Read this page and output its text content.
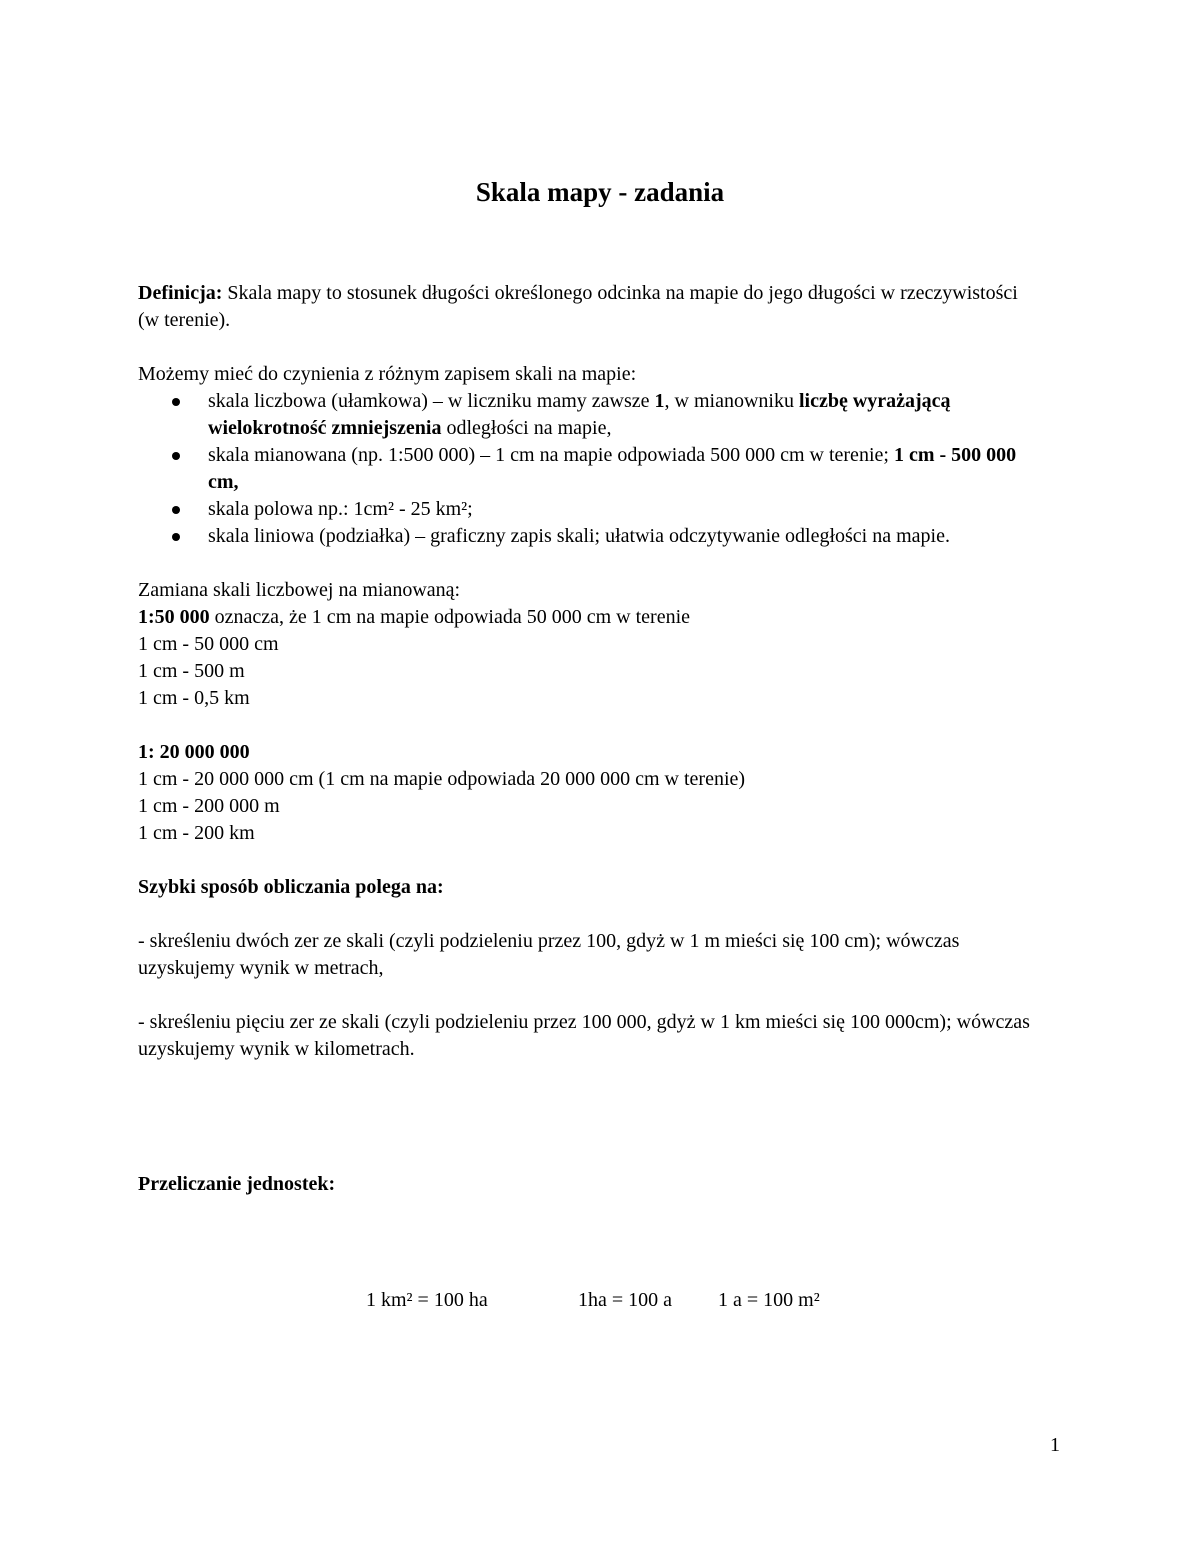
Skala mapy - zadania

Definicja: Skala mapy to stosunek długości określonego odcinka na mapie do jego długości w rzeczywistości (w terenie).

Możemy mieć do czynienia z różnym zapisem skali na mapie:

skala liczbowa (ułamkowa) – w liczniku mamy zawsze 1, w mianowniku liczbę wyrażającą wielokrotność zmniejszenia odległości na mapie,
skala mianowana (np. 1:500 000) – 1 cm na mapie odpowiada 500 000 cm w terenie; 1 cm - 500 000 cm,
skala polowa np.: 1cm² - 25 km²;
skala liniowa (podziałka) – graficzny zapis skali; ułatwia odczytywanie odległości na mapie.

Zamiana skali liczbowej na mianowaną:

1:50 000 oznacza, że 1 cm na mapie odpowiada 50 000 cm w terenie

1 cm - 50 000 cm

1 cm - 500 m

1 cm - 0,5 km

1: 20 000 000

1 cm - 20 000 000 cm (1 cm na mapie odpowiada 20 000 000 cm w terenie)

1 cm - 200 000 m

1 cm - 200 km

Szybki sposób obliczania polega na:

- skreśleniu dwóch zer ze skali (czyli podzieleniu przez 100, gdyż w 1 m mieści się 100 cm); wówczas uzyskujemy wynik w metrach,

- skreśleniu pięciu zer ze skali (czyli podzieleniu przez 100 000, gdyż w 1 km mieści się 100 000cm); wówczas uzyskujemy wynik w kilometrach.

Przeliczanie jednostek:

1 km² = 100 ha	1ha = 100 a 1 a = 100 m²
1
